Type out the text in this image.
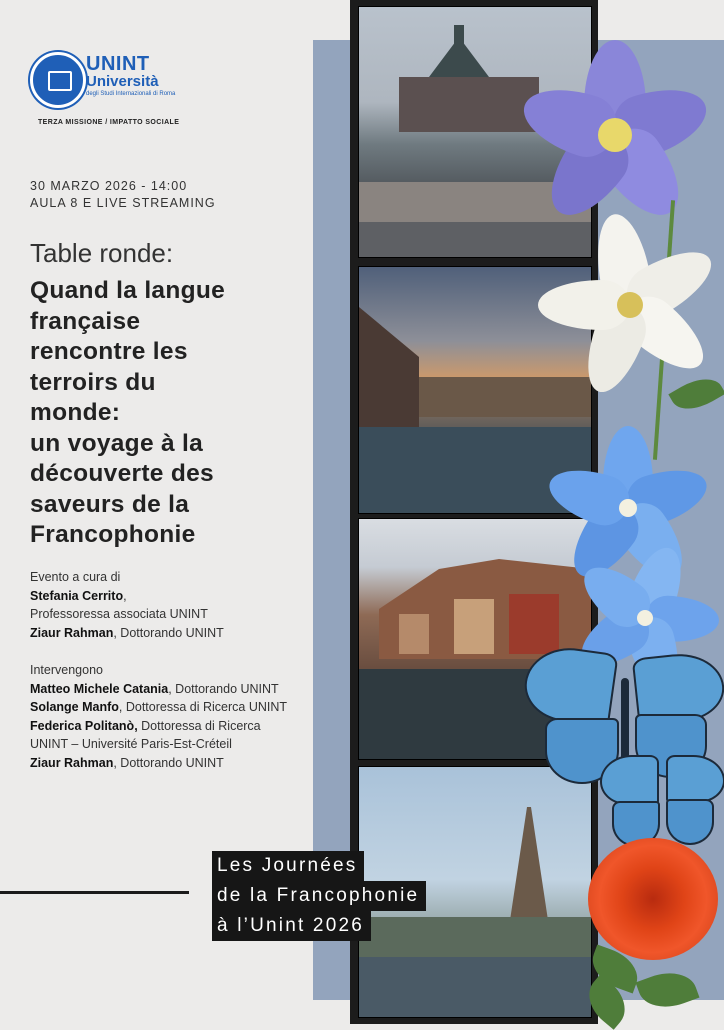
UNINT
Università
degli Studi Internazionali di Roma
TERZA MISSIONE / IMPATTO SOCIALE
30 MARZO 2026 - 14:00
AULA 8 E LIVE STREAMING
Table ronde:
Quand la langue
française
rencontre les
terroirs du
monde:
un voyage à la
découverte des
saveurs de la
Francophonie
Evento a cura di
Stefania Cerrito,
Professoressa associata UNINT
Ziaur Rahman, Dottorando UNINT
Intervengono
Matteo Michele Catania, Dottorando UNINT
Solange Manfo, Dottoressa di Ricerca UNINT
Federica Politanò, Dottoressa di Ricerca UNINT – Université Paris-Est-Créteil
Ziaur Rahman, Dottorando UNINT
Les Journées
de la Francophonie
à l’Unint 2026
